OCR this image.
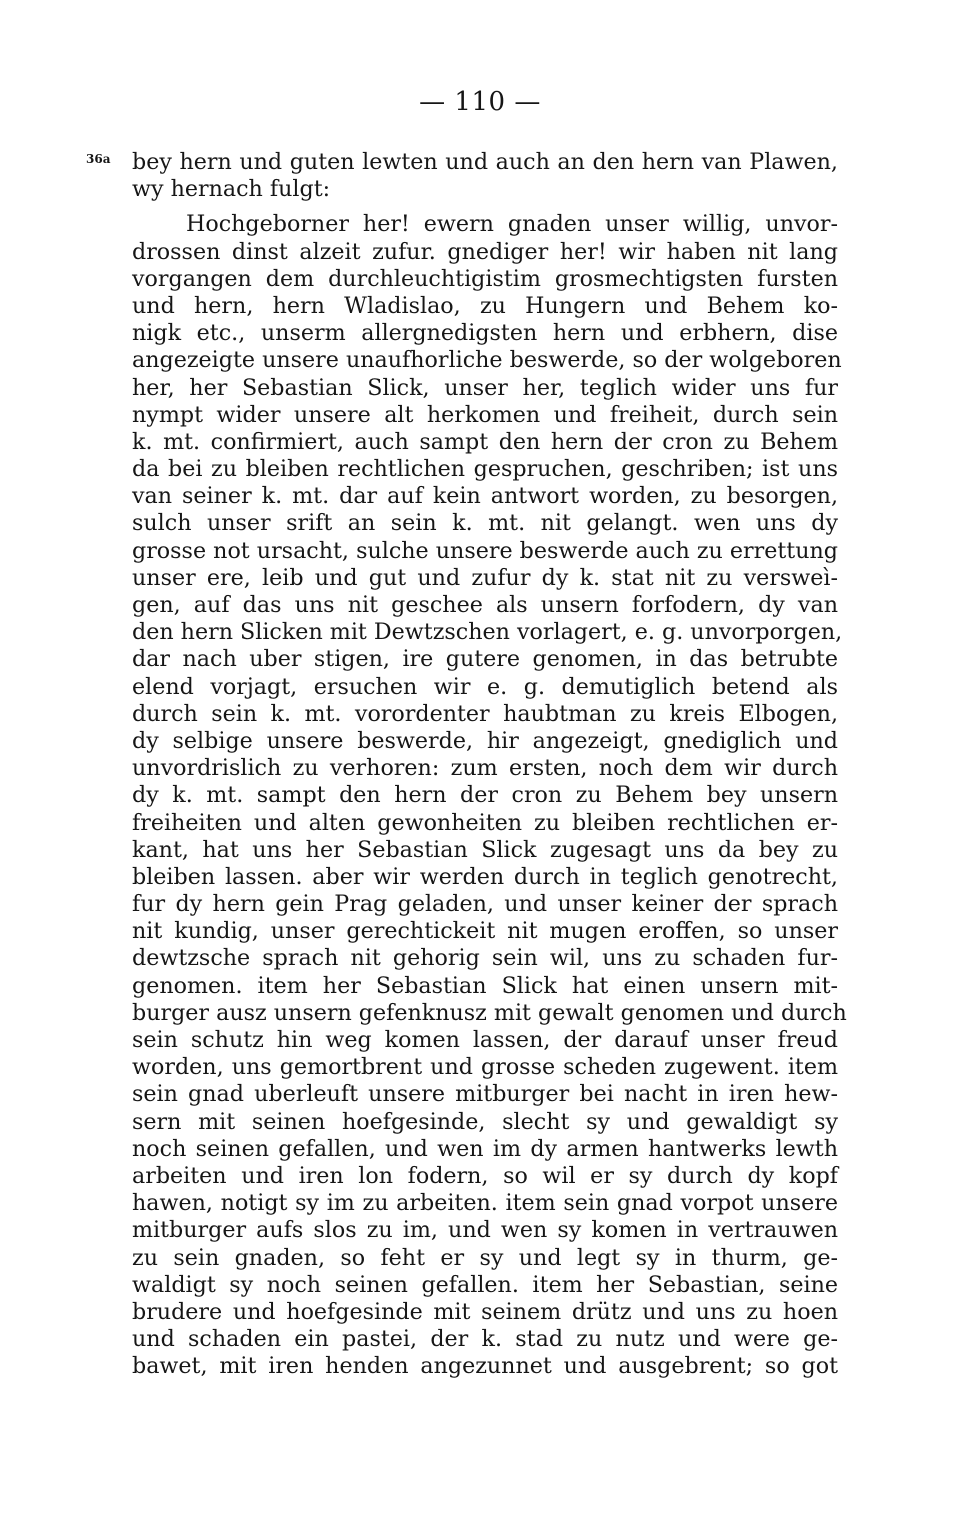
— 110 —
36a bey hern und guten lewten und auch an den hern van Plawen,
wy hernach fulgt:
Hochgeborner her! ewern gnaden unser willig, unvor-
drossen dinst alzeit zufur. gnediger her! wir haben nit lang
vorgangen dem durchleuchtigistim grosmechtigsten fursten
und hern, hern Wladislao, zu Hungern und Behem ko-
nigk etc., unserm allergnedigsten hern und erbhern, dise
angezeigte unsere unaufhorliche beswerde, so der wolgeboren
her, her Sebastian Slick, unser her, teglich wider uns fur
nympt wider unsere alt herkomen und freiheit, durch sein
k. mt. confirmiert, auch sampt den hern der cron zu Behem
da bei zu bleiben rechtlichen gespruchen, geschriben; ist uns
van seiner k. mt. dar auf kein antwort worden, zu besorgen,
sulch unser srift an sein k. mt. nit gelangt. wen uns dy
grosse not ursacht, sulche unsere beswerde auch zu errettung
unser ere, leib und gut und zufur dy k. stat nit zu versweì-
gen, auf das uns nit geschee als unsern forfodern, dy van
den hern Slicken mit Dewtzschen vorlagert, e. g. unvorporgen,
dar nach uber stigen, ire gutere genomen, in das betrubte
elend vorjagt, ersuchen wir e. g. demutiglich betend als
durch sein k. mt. vorordenter haubtman zu kreis Elbogen,
dy selbige unsere beswerde, hir angezeigt, gnediglich und
unvordrislich zu verhoren: zum ersten, noch dem wir durch
dy k. mt. sampt den hern der cron zu Behem bey unsern
freiheiten und alten gewonheiten zu bleiben rechtlichen er-
kant, hat uns her Sebastian Slick zugesagt uns da bey zu
bleiben lassen. aber wir werden durch in teglich genotrecht,
fur dy hern gein Prag geladen, und unser keiner der sprach
nit kundig, unser gerechtickeit nit mugen eroffen, so unser
dewtzsche sprach nit gehorig sein wil, uns zu schaden fur-
genomen. item her Sebastian Slick hat einen unsern mit-
burger ausz unsern gefenknusz mit gewalt genomen und durch
sein schutz hin weg komen lassen, der darauf unser freud
worden, uns gemortbrent und grosse scheden zugewent. item
sein gnad uberleuft unsere mitburger bei nacht in iren hew-
sern mit seinen hoefgesinde, slecht sy und gewaldigt sy
noch seinen gefallen, und wen im dy armen hantwerks lewth
arbeiten und iren lon fodern, so wil er sy durch dy kopf
hawen, notigt sy im zu arbeiten. item sein gnad vorpot unsere
mitburger aufs slos zu im, und wen sy komen in vertrauwen
zu sein gnaden, so feht er sy und legt sy in thurm, ge-
waldigt sy noch seinen gefallen. item her Sebastian, seine
brudere und hoefgesinde mit seinem drütz und uns zu hoen
und schaden ein pastei, der k. stad zu nutz und were ge-
bawet, mit iren henden angezunnet und ausgebrent; so got
